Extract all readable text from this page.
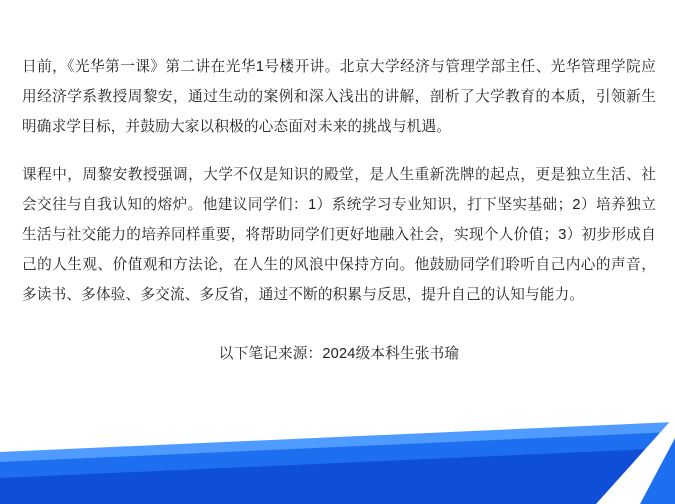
日前，《光华第一课》第二讲在光华1号楼开讲。北京大学经济与管理学部主任、光华管理学院应用经济学系教授周黎安，通过生动的案例和深入浅出的讲解，剖析了大学教育的本质，引领新生明确求学目标，并鼓励大家以积极的心态面对未来的挑战与机遇。

课程中，周黎安教授强调，大学不仅是知识的殿堂，是人生重新洗牌的起点，更是独立生活、社会交往与自我认知的熔炉。他建议同学们：1）系统学习专业知识，打下坚实基础；2）培养独立生活与社交能力的培养同样重要，将帮助同学们更好地融入社会，实现个人价值；3）初步形成自己的人生观、价值观和方法论，在人生的风浪中保持方向。他鼓励同学们聆听自己内心的声音，多读书、多体验、多交流、多反省，通过不断的积累与反思，提升自己的认知与能力。

以下笔记来源：2024级本科生张书瑜
